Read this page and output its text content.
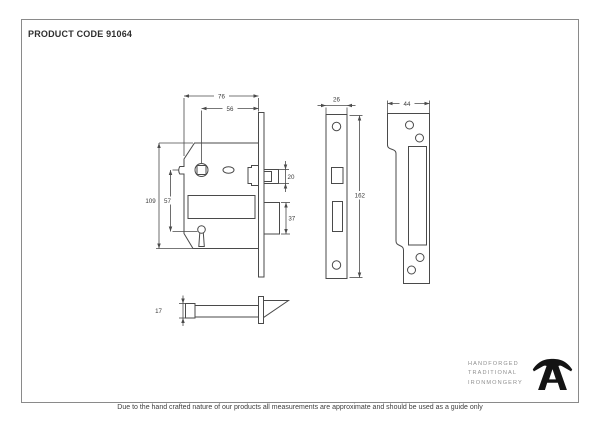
PRODUCT CODE 91064
76
56
109 57
20
37
26
162
44
17
HANDFORGED
TRADITIONAL
IRONMONGERY
Due to the hand crafted nature of our products all measurements are approximate and should be used as a guide only
